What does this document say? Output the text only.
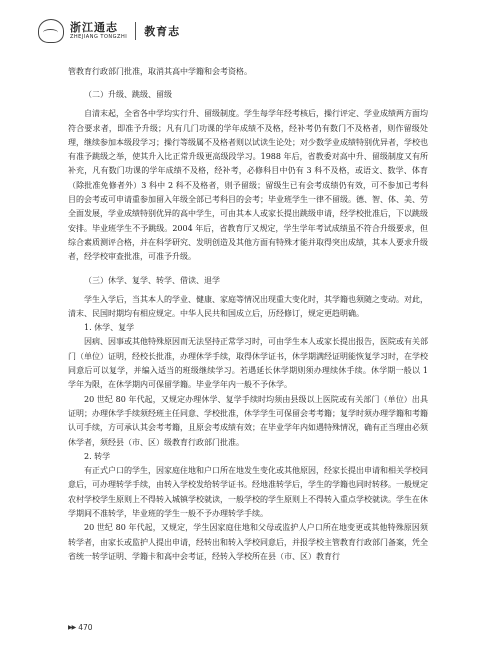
浙江通志
ZHEJIANG TONGZHI 教育志

管教育行政部门批准，取消其高中学籍和会考资格。

（二）升级、跳级、留级

自清末起，全省各中学均实行升、留级制度。学生每学年经考核后，操行评定、学业成绩两方面均符合要求者，即准予升级；凡有几门功课的学年成绩不及格，经补考仍有数门不及格者，则作留级处理，继续参加本级段学习；操行等级属不及格者则以试读生论处；对少数学业成绩特别优异者，学校也有准予跳级之举，使其升入比正常升级更高级段学习。1988 年后，省教委对高中升、留级制度又有所补充，凡有数门功课的学年成绩不及格，经补考，必修科目中仍有 3 科不及格，或语文、数学、体育（除批准免修者外）3 科中 2 科不及格者，则予留级；留级生已有会考成绩仍有效，可不参加已考科目的会考或可申请重参加留入年级全部已考科目的会考；毕业班学生一律不留级。德、智、体、美、劳全面发展，学业成绩特别优异的高中学生，可由其本人或家长提出跳级申请，经学校批准后，下以跳级安排。毕业班学生不予跳级。2004 年后，省教育厅又规定，学生学年考试成绩虽不符合升级要求，但综合素质测评合格，并在科学研究、发明创造及其他方面有特殊才能并取得突出成绩，其本人要求升级者，经学校审查批准，可准予升级。

（三）休学、复学、转学、借读、退学

学生入学后，当其本人的学业、健康、家庭等情况出现重大变化时，其学籍也须随之变动。对此，清末、民国时期均有相应规定。中华人民共和国成立后，历经修订，规定更趋明确。

1. 休学、复学

因病、因事或其他特殊原因而无法坚持正常学习时，可由学生本人或家长提出报告，医院或有关部门（单位）证明，经校长批准，办理休学手续，取得休学证书，休学期满经证明能恢复学习时，在学校同意后可以复学，并编入适当的班级继续学习。若遇延长休学期则须办理续休手续。休学期一般以 1 学年为限，在休学期内可保留学籍。毕业学年内一般不予休学。

20 世纪 80 年代起，又规定办理休学、复学手续时均须由县级以上医院或有关部门（单位）出具证明；办理休学手续须经班主任同意、学校批准，休学学生可保留会考考籍；复学时须办理学籍和考籍认可手续，方可承认其会考考籍，且原会考成绩有效；在毕业学年内如遇特殊情况，确有正当理由必须休学者，须经县（市、区）级教育行政部门批准。

2. 转学

有正式户口的学生，因家庭住地和户口所在地发生变化或其他原因，经家长提出申请和相关学校同意后，可办理转学手续，由转入学校发给转学证书。经地准转学后，学生的学籍也同时转移。一般规定农村学校学生原则上不得转入城镇学校就读，一般学校的学生原则上不得转入重点学校就读。学生在休学期间不准转学，毕业班的学生一般不予办理转学手续。

20 世纪 80 年代起，又规定，学生因家庭住地和父母或监护人户口所在地变更或其他特殊原因须转学者，由家长或监护人提出申请，经转出和转入学校同意后，并报学校主管教育行政部门备案，凭全省统一转学证明、学籍卡和高中会考证，经转入学校所在县（市、区）教育行

▶▶ 470
